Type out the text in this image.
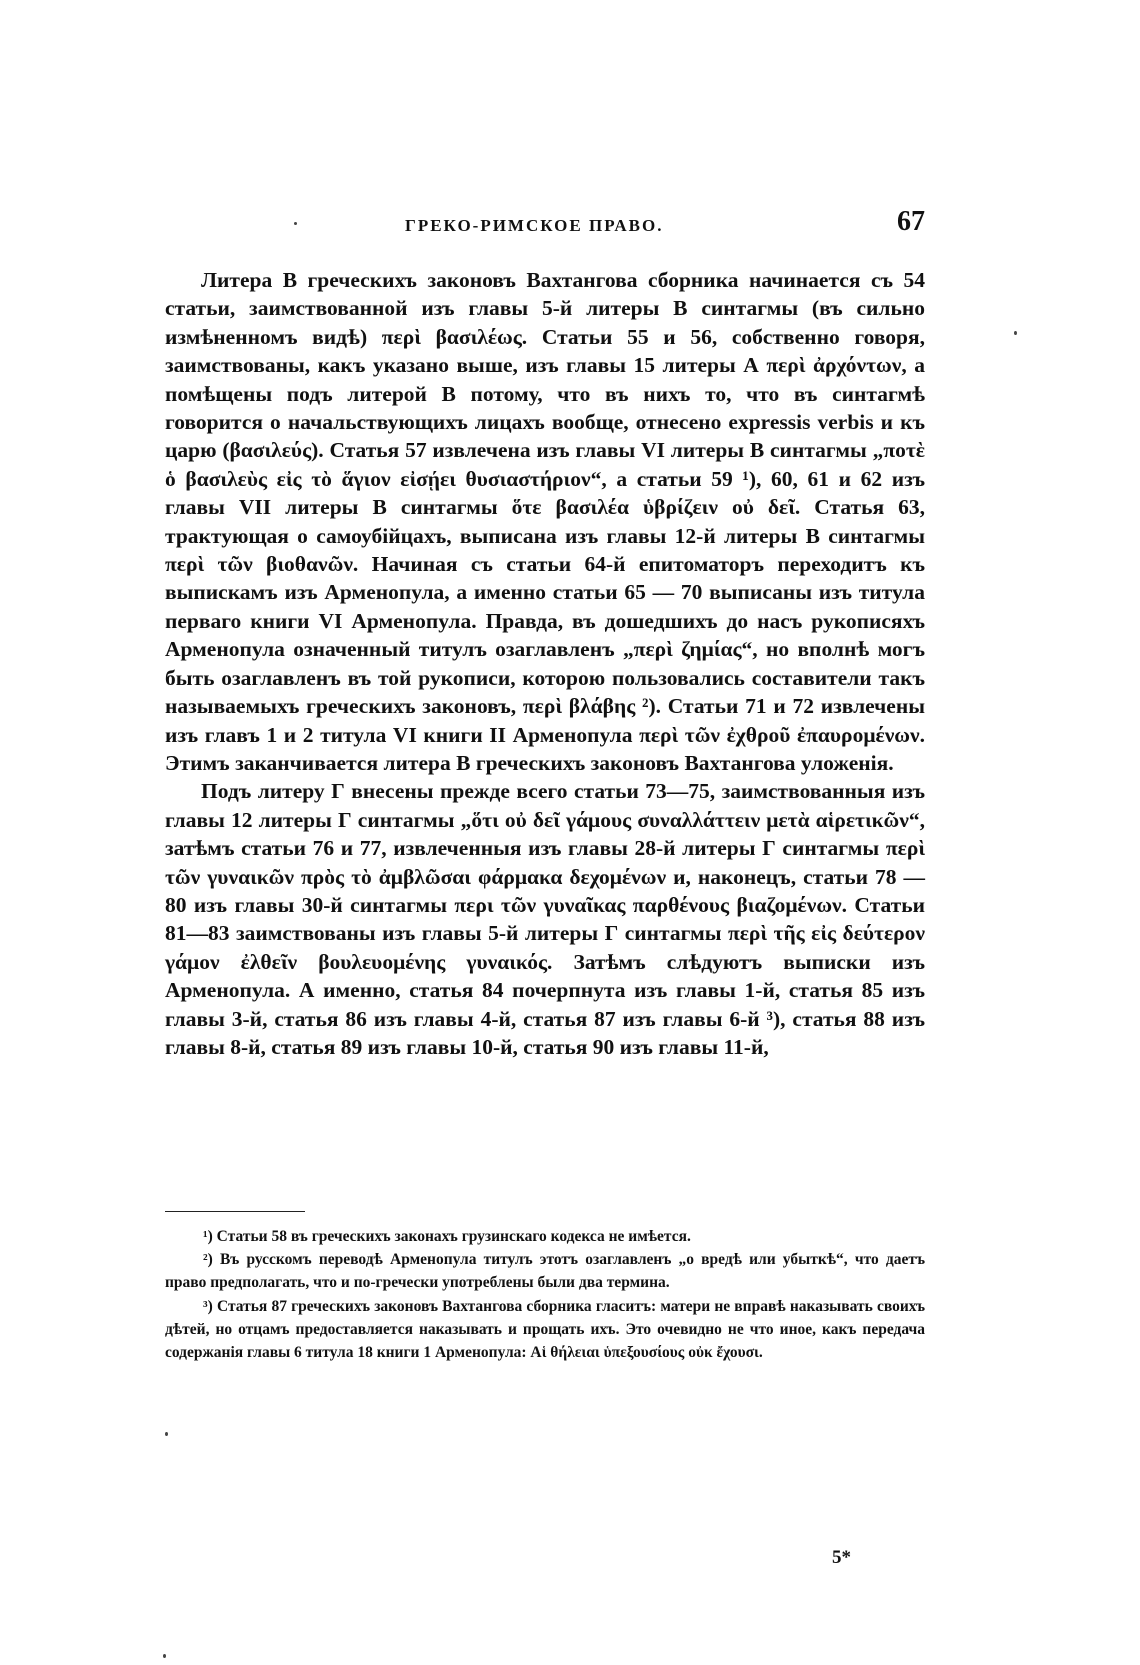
ГРЕКО-РИМСКОЕ ПРАВО.	67

Литера В греческихъ законовъ Вахтангова сборника начинается съ 54 статьи, заимствованной изъ главы 5-й литеры В синтагмы (въ сильно измѣненномъ видѣ) περὶ βασιλέως. Статьи 55 и 56, собственно говоря, заимствованы, какъ указано выше, изъ главы 15 литеры А περὶ ἀρχόντων, а помѣщены подъ литерой В потому, что въ нихъ то, что въ синтагмѣ говорится о начальствующихъ лицахъ вообще, отнесено expressis verbis и къ царю (βασιλεύς). Статья 57 извлечена изъ главы VI литеры В синтагмы „ποτὲ ὁ βασιλεὺς εἰς τὸ ἅγιον εἰσῄει θυσιαστήριον“, а статьи 59 ¹), 60, 61 и 62 изъ главы VII литеры В синтагмы ὅτε βασιλέα ὑβρίζειν οὐ δεῖ. Статья 63, трактующая о самоубійцахъ, выписана изъ главы 12-й литеры В синтагмы περὶ τῶν βιοθανῶν. Начиная съ статьи 64-й епитоматоръ переходитъ къ выпискамъ изъ Арменопула, а именно статьи 65 — 70 выписаны изъ титула перваго книги VI Арменопула. Правда, въ дошедшихъ до насъ рукописяхъ Арменопула означенный титулъ озаглавленъ „περὶ ζημίας“, но вполнѣ могъ быть озаглавленъ въ той рукописи, которою пользовались составители такъ называемыхъ греческихъ законовъ, περὶ βλάβης ²). Статьи 71 и 72 извлечены изъ главъ 1 и 2 титула VI книги II Арменопула περὶ τῶν ἐχθροῦ ἐπαυρομένων. Этимъ заканчивается литера В греческихъ законовъ Вахтангова уложенія.

Подъ литеру Г внесены прежде всего статьи 73—75, заимствованныя изъ главы 12 литеры Г синтагмы „ὅτι οὐ δεῖ γάμους συναλλάττειν μετὰ αἱρετικῶν“, затѣмъ статьи 76 и 77, извлеченныя изъ главы 28-й литеры Г синтагмы περὶ τῶν γυναικῶν πρὸς τὸ ἀμβλῶσαι φάρμακα δεχομένων и, наконецъ, статьи 78 — 80 изъ главы 30-й синтагмы περι τῶν γυναῖκας παρθένους βιαζομένων. Статьи 81—83 заимствованы изъ главы 5-й литеры Г синтагмы περὶ τῆς εἰς δεύτερον γάμον ἐλθεῖν βουλευομένης γυναικός. Затѣмъ слѣдуютъ выписки изъ Арменопула. А именно, статья 84 почерпнута изъ главы 1-й, статья 85 изъ главы 3-й, статья 86 изъ главы 4-й, статья 87 изъ главы 6-й ³), статья 88 изъ главы 8-й, статья 89 изъ главы 10-й, статья 90 изъ главы 11-й,

¹) Статьи 58 въ греческихъ законахъ грузинскаго кодекса не имѣется.

²) Въ русскомъ переводѣ Арменопула титулъ этотъ озаглавленъ „о вредѣ или убыткѣ“, что даетъ право предполагать, что и по-гречески употреблены были два термина.

³) Статья 87 греческихъ законовъ Вахтангова сборника гласитъ: матери не вправѣ наказывать своихъ дѣтей, но отцамъ предоставляется наказывать и прощать ихъ. Это очевидно не что иное, какъ передача содержанія главы 6 титула 18 книги 1 Арменопула: Αἱ θήλειαι ὑπεξουσίους οὐκ ἔχουσι.

5*
